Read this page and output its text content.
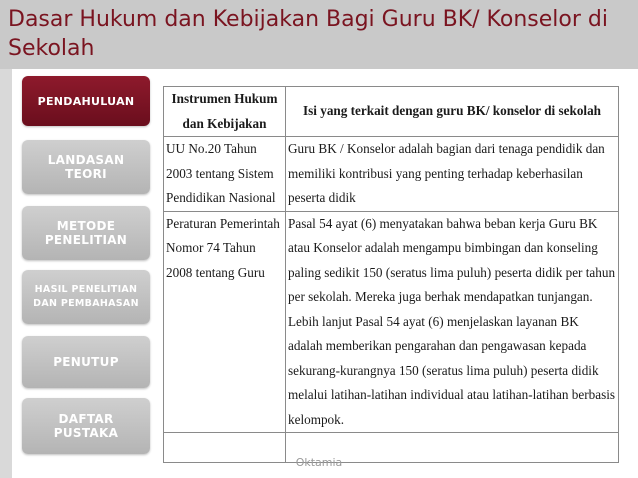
Dasar Hukum dan Kebijakan Bagi Guru BK/ Konselor di Sekolah
PENDAHULUAN
LANDASAN TEORI
METODE PENELITIAN
HASIL PENELITIAN DAN PEMBAHASAN
PENUTUP
DAFTAR PUSTAKA
Instrumen Hukum dan Kebijakan	Isi yang terkait dengan guru BK/ konselor di sekolah
UU No.20 Tahun 2003 tentang Sistem Pendidikan Nasional	Guru BK / Konselor adalah bagian dari tenaga pendidik dan memiliki kontribusi yang penting terhadap keberhasilan peserta didik
Peraturan Pemerintah Nomor 74 Tahun 2008 tentang Guru	Pasal 54 ayat (6) menyatakan bahwa beban kerja Guru BK atau Konselor adalah mengampu bimbingan dan konseling paling sedikit 150 (seratus lima puluh) peserta didik per tahun per sekolah. Mereka juga berhak mendapatkan tunjangan. Lebih lanjut Pasal 54 ayat (6) menjelaskan layanan BK adalah memberikan pengarahan dan pengawasan kepada sekurang-kurangnya 150 (seratus lima puluh) peserta didik melalui latihan-latihan individual atau latihan-latihan berbasis kelompok.

Oktamia
